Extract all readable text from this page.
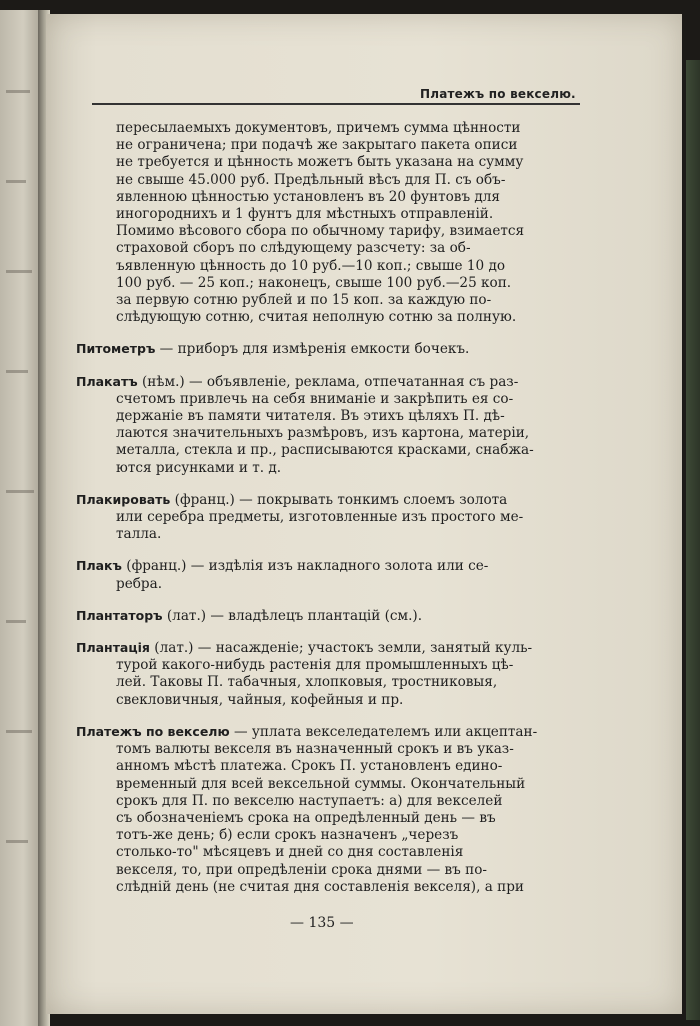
Платежъ по векселю.
пересылаемыхъ документовъ, причемъ сумма цѣнности
не ограничена; при подачѣ же закрытаго пакета описи
не требуется и цѣнность можетъ быть указана на сумму
не свыше 45.000 руб. Предѣльный вѣсъ для П. съ объ-
явленною цѣнностью установленъ въ 20 фунтовъ для
иногороднихъ и 1 фунтъ для мѣстныхъ отправленій.
Помимо вѣсового сбора по обычному тарифу, взимается
страховой сборъ по слѣдующему разсчету: за об-
ъявленную цѣнность до 10 руб.—10 коп.; свыше 10 до
100 руб. — 25 коп.; наконецъ, свыше 100 руб.—25 коп.
за первую сотню рублей и по 15 коп. за каждую по-
слѣдующую сотню, считая неполную сотню за полную.
Питометръ — приборъ для измѣренія емкости бочекъ.
Плакатъ (нѣм.) — объявленіе, реклама, отпечатанная съ раз-
счетомъ привлечь на себя вниманіе и закрѣпить ея со-
держаніе въ памяти читателя. Въ этихъ цѣляхъ П. дѣ-
лаются значительныхъ размѣровъ, изъ картона, матеріи,
металла, стекла и пр., расписываются красками, снабжа-
ются рисунками и т. д.
Плакировать (франц.) — покрывать тонкимъ слоемъ золота
или серебра предметы, изготовленные изъ простого ме-
талла.
Плакъ (франц.) — издѣлія изъ накладного золота или се-
ребра.
Плантаторъ (лат.) — владѣлецъ плантацій (см.).
Плантація (лат.) — насажденіе; участокъ земли, занятый куль-
турой какого-нибудь растенія для промышленныхъ цѣ-
лей. Таковы П. табачныя, хлопковыя, тростниковыя,
свекловичныя, чайныя, кофейныя и пр.
Платежъ по векселю — уплата векселедателемъ или акцептан-
томъ валюты векселя въ назначенный срокъ и въ указ-
анномъ мѣстѣ платежа. Срокъ П. установленъ едино-
временный для всей вексельной суммы. Окончательный
срокъ для П. по векселю наступаетъ: а) для векселей
съ обозначеніемъ срока на опредѣленный день — въ
тотъ-же день; б) если срокъ назначенъ „черезъ
столько-то" мѣсяцевъ и дней со дня составленія
векселя, то, при опредѣленіи срока днями — въ по-
слѣдній день (не считая дня составленія векселя), а при
— 135 —
